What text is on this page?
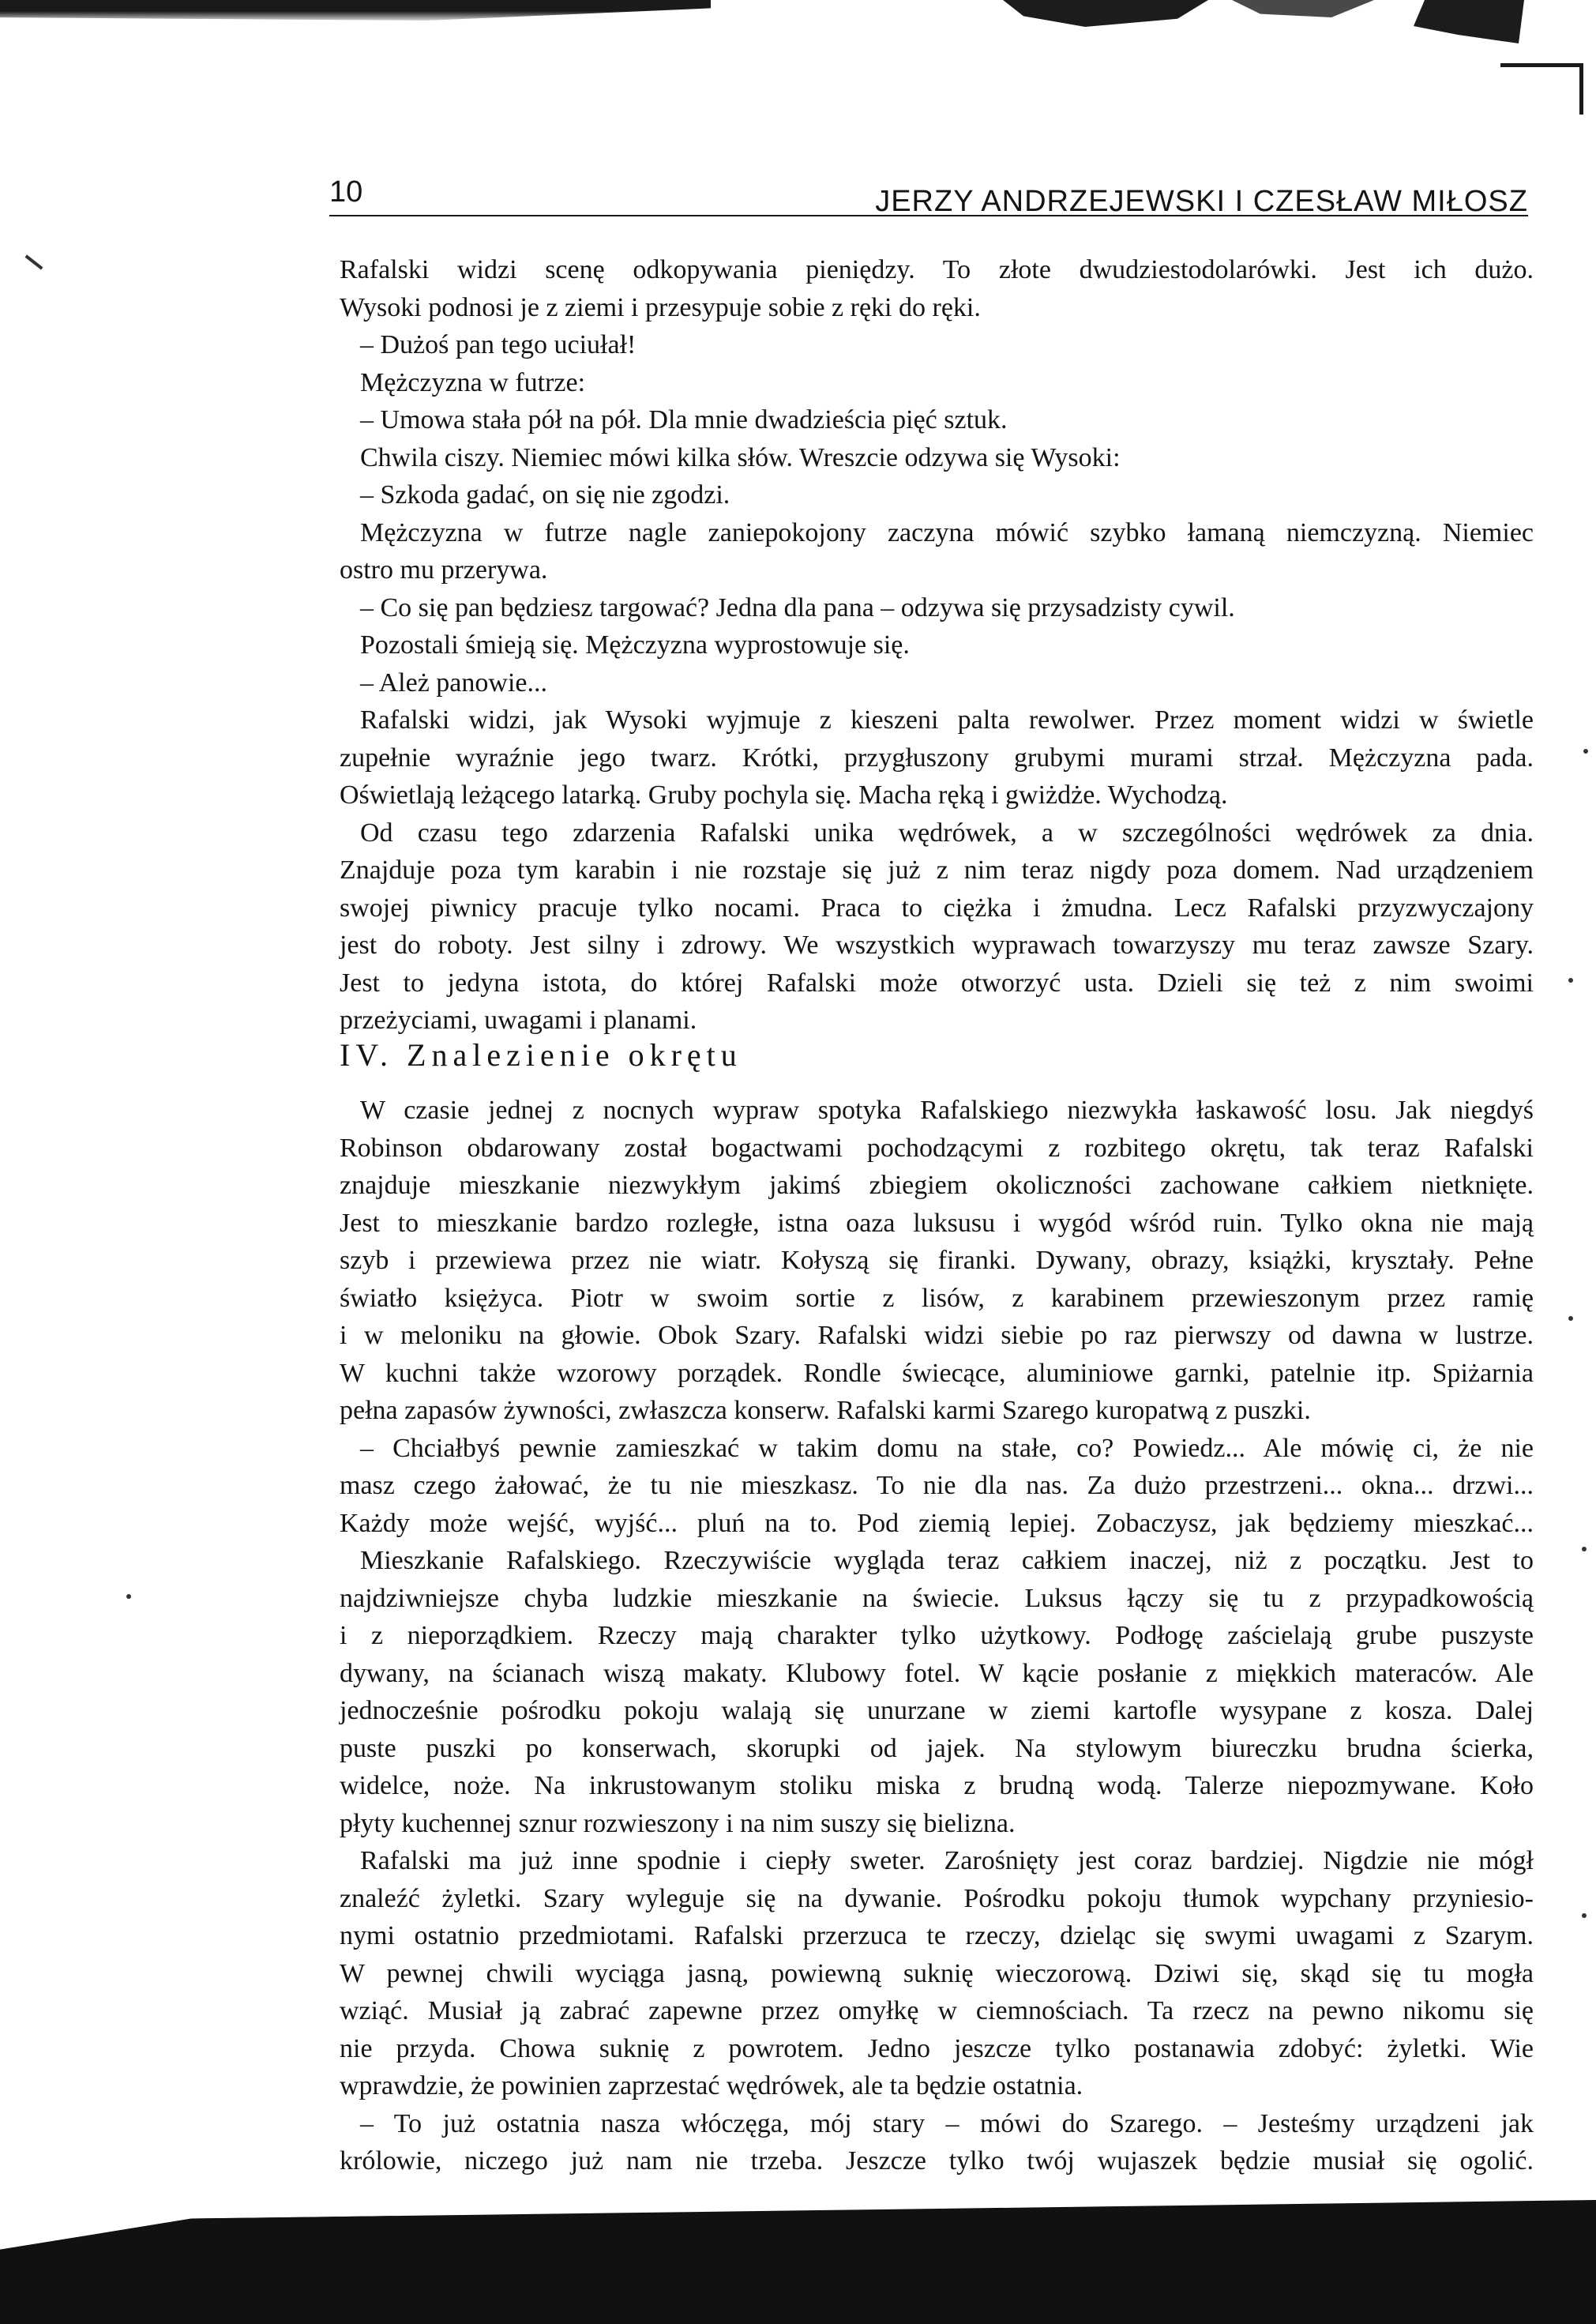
10	JERZY ANDRZEJEWSKI I CZESŁAW MIŁOSZ
Rafalski widzi scenę odkopywania pieniędzy. To złote dwudziestodolarówki. Jest ich dużo.
Wysoki podnosi je z ziemi i przesypuje sobie z ręki do ręki.
– Dużoś pan tego uciułał!
Mężczyzna w futrze:
– Umowa stała pół na pół. Dla mnie dwadzieścia pięć sztuk.
Chwila ciszy. Niemiec mówi kilka słów. Wreszcie odzywa się Wysoki:
– Szkoda gadać, on się nie zgodzi.
Mężczyzna w futrze nagle zaniepokojony zaczyna mówić szybko łamaną niemczyzną. Niemiec
ostro mu przerywa.
– Co się pan będziesz targować? Jedna dla pana – odzywa się przysadzisty cywil.
Pozostali śmieją się. Mężczyzna wyprostowuje się.
– Ależ panowie...
Rafalski widzi, jak Wysoki wyjmuje z kieszeni palta rewolwer. Przez moment widzi w świetle
zupełnie wyraźnie jego twarz. Krótki, przygłuszony grubymi murami strzał. Mężczyzna pada.
Oświetlają leżącego latarką. Gruby pochyla się. Macha ręką i gwiżdże. Wychodzą.
Od czasu tego zdarzenia Rafalski unika wędrówek, a w szczególności wędrówek za dnia.
Znajduje poza tym karabin i nie rozstaje się już z nim teraz nigdy poza domem. Nad urządzeniem
swojej piwnicy pracuje tylko nocami. Praca to ciężka i żmudna. Lecz Rafalski przyzwyczajony
jest do roboty. Jest silny i zdrowy. We wszystkich wyprawach towarzyszy mu teraz zawsze Szary.
Jest to jedyna istota, do której Rafalski może otworzyć usta. Dzieli się też z nim swoimi
przeżyciami, uwagami i planami.
IV. Znalezienie okrętu
W czasie jednej z nocnych wypraw spotyka Rafalskiego niezwykła łaskawość losu. Jak niegdyś
Robinson obdarowany został bogactwami pochodzącymi z rozbitego okrętu, tak teraz Rafalski
znajduje mieszkanie niezwykłym jakimś zbiegiem okoliczności zachowane całkiem nietknięte.
Jest to mieszkanie bardzo rozległe, istna oaza luksusu i wygód wśród ruin. Tylko okna nie mają
szyb i przewiewa przez nie wiatr. Kołyszą się firanki. Dywany, obrazy, książki, kryształy. Pełne
światło księżyca. Piotr w swoim sortie z lisów, z karabinem przewieszonym przez ramię
i w meloniku na głowie. Obok Szary. Rafalski widzi siebie po raz pierwszy od dawna w lustrze.
W kuchni także wzorowy porządek. Rondle świecące, aluminiowe garnki, patelnie itp. Spiżarnia
pełna zapasów żywności, zwłaszcza konserw. Rafalski karmi Szarego kuropatwą z puszki.
– Chciałbyś pewnie zamieszkać w takim domu na stałe, co? Powiedz... Ale mówię ci, że nie
masz czego żałować, że tu nie mieszkasz. To nie dla nas. Za dużo przestrzeni... okna... drzwi...
Każdy może wejść, wyjść... pluń na to. Pod ziemią lepiej. Zobaczysz, jak będziemy mieszkać...
Mieszkanie Rafalskiego. Rzeczywiście wygląda teraz całkiem inaczej, niż z początku. Jest to
najdziwniejsze chyba ludzkie mieszkanie na świecie. Luksus łączy się tu z przypadkowością
i z nieporządkiem. Rzeczy mają charakter tylko użytkowy. Podłogę zaścielają grube puszyste
dywany, na ścianach wiszą makaty. Klubowy fotel. W kącie posłanie z miękkich materaców. Ale
jednocześnie pośrodku pokoju walają się unurzane w ziemi kartofle wysypane z kosza. Dalej
puste puszki po konserwach, skorupki od jajek. Na stylowym biureczku brudna ścierka,
widelce, noże. Na inkrustowanym stoliku miska z brudną wodą. Talerze niepozmywane. Koło
płyty kuchennej sznur rozwieszony i na nim suszy się bielizna.
Rafalski ma już inne spodnie i ciepły sweter. Zarośnięty jest coraz bardziej. Nigdzie nie mógł
znaleźć żyletki. Szary wyleguje się na dywanie. Pośrodku pokoju tłumok wypchany przyniesio-
nymi ostatnio przedmiotami. Rafalski przerzuca te rzeczy, dzieląc się swymi uwagami z Szarym.
W pewnej chwili wyciąga jasną, powiewną suknię wieczorową. Dziwi się, skąd się tu mogła
wziąć. Musiał ją zabrać zapewne przez omyłkę w ciemnościach. Ta rzecz na pewno nikomu się
nie przyda. Chowa suknię z powrotem. Jedno jeszcze tylko postanawia zdobyć: żyletki. Wie
wprawdzie, że powinien zaprzestać wędrówek, ale ta będzie ostatnia.
– To już ostatnia nasza włóczęga, mój stary – mówi do Szarego. – Jesteśmy urządzeni jak
królowie, niczego już nam nie trzeba. Jeszcze tylko twój wujaszek będzie musiał się ogolić.
